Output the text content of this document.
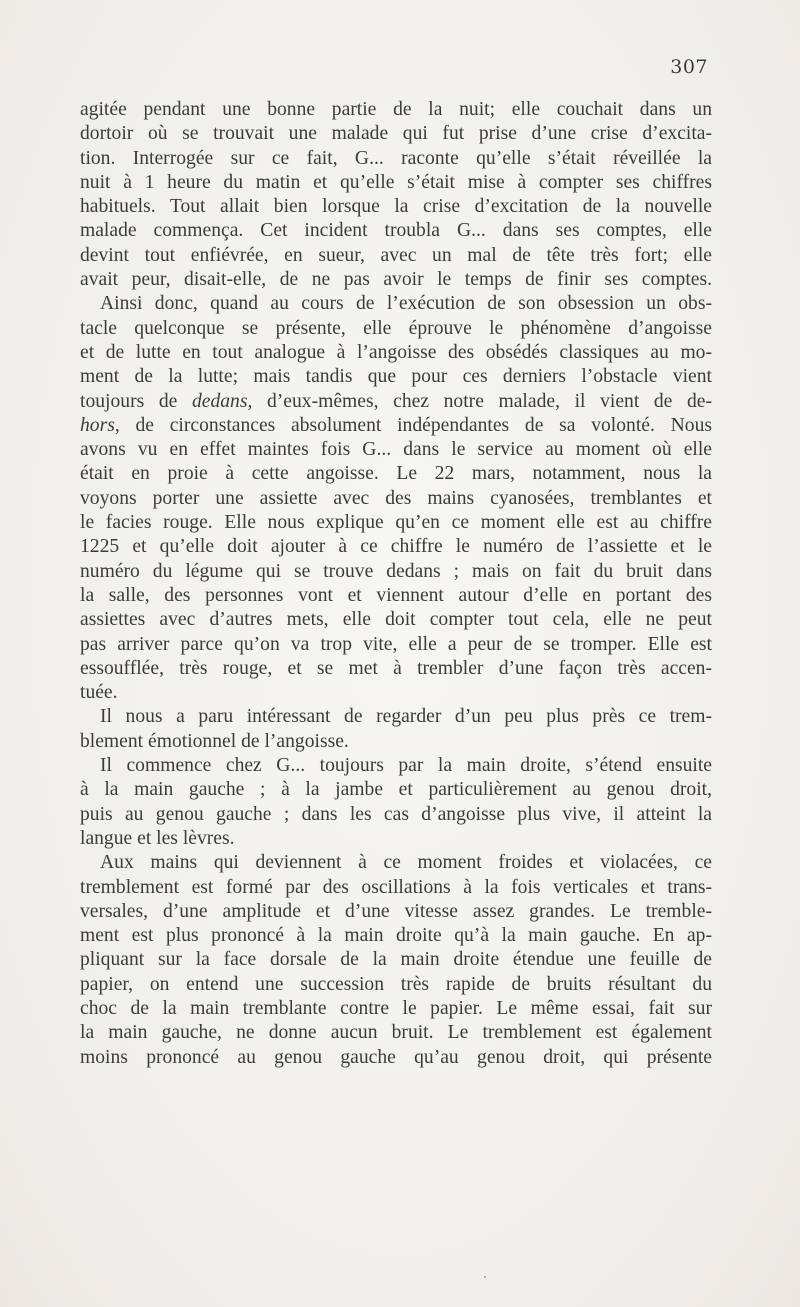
307
agitée pendant une bonne partie de la nuit; elle couchait dans un
dortoir où se trouvait une malade qui fut prise d’une crise d’excita-
tion. Interrogée sur ce fait, G... raconte qu’elle s’était réveillée la
nuit à 1 heure du matin et qu’elle s’était mise à compter ses chiffres
habituels. Tout allait bien lorsque la crise d’excitation de la nouvelle
malade commença. Cet incident troubla G... dans ses comptes, elle
devint tout enfiévrée, en sueur, avec un mal de tête très fort; elle
avait peur, disait-elle, de ne pas avoir le temps de finir ses comptes.
Ainsi donc, quand au cours de l’exécution de son obsession un obs-
tacle quelconque se présente, elle éprouve le phénomène d’angoisse
et de lutte en tout analogue à l’angoisse des obsédés classiques au mo-
ment de la lutte; mais tandis que pour ces derniers l’obstacle vient
toujours de dedans, d’eux-mêmes, chez notre malade, il vient de de-
hors, de circonstances absolument indépendantes de sa volonté. Nous
avons vu en effet maintes fois G... dans le service au moment où elle
était en proie à cette angoisse. Le 22 mars, notamment, nous la
voyons porter une assiette avec des mains cyanosées, tremblantes et
le facies rouge. Elle nous explique qu’en ce moment elle est au chiffre
1225 et qu’elle doit ajouter à ce chiffre le numéro de l’assiette et le
numéro du légume qui se trouve dedans ; mais on fait du bruit dans
la salle, des personnes vont et viennent autour d’elle en portant des
assiettes avec d’autres mets, elle doit compter tout cela, elle ne peut
pas arriver parce qu’on va trop vite, elle a peur de se tromper. Elle est
essoufflée, très rouge, et se met à trembler d’une façon très accen-
tuée.
Il nous a paru intéressant de regarder d’un peu plus près ce trem-
blement émotionnel de l’angoisse.
Il commence chez G... toujours par la main droite, s’étend ensuite
à la main gauche ; à la jambe et particulièrement au genou droit,
puis au genou gauche ; dans les cas d’angoisse plus vive, il atteint la
langue et les lèvres.
Aux mains qui deviennent à ce moment froides et violacées, ce
tremblement est formé par des oscillations à la fois verticales et trans-
versales, d’une amplitude et d’une vitesse assez grandes. Le tremble-
ment est plus prononcé à la main droite qu’à la main gauche. En ap-
pliquant sur la face dorsale de la main droite étendue une feuille de
papier, on entend une succession très rapide de bruits résultant du
choc de la main tremblante contre le papier. Le même essai, fait sur
la main gauche, ne donne aucun bruit. Le tremblement est également
moins prononcé au genou gauche qu’au genou droit, qui présente
